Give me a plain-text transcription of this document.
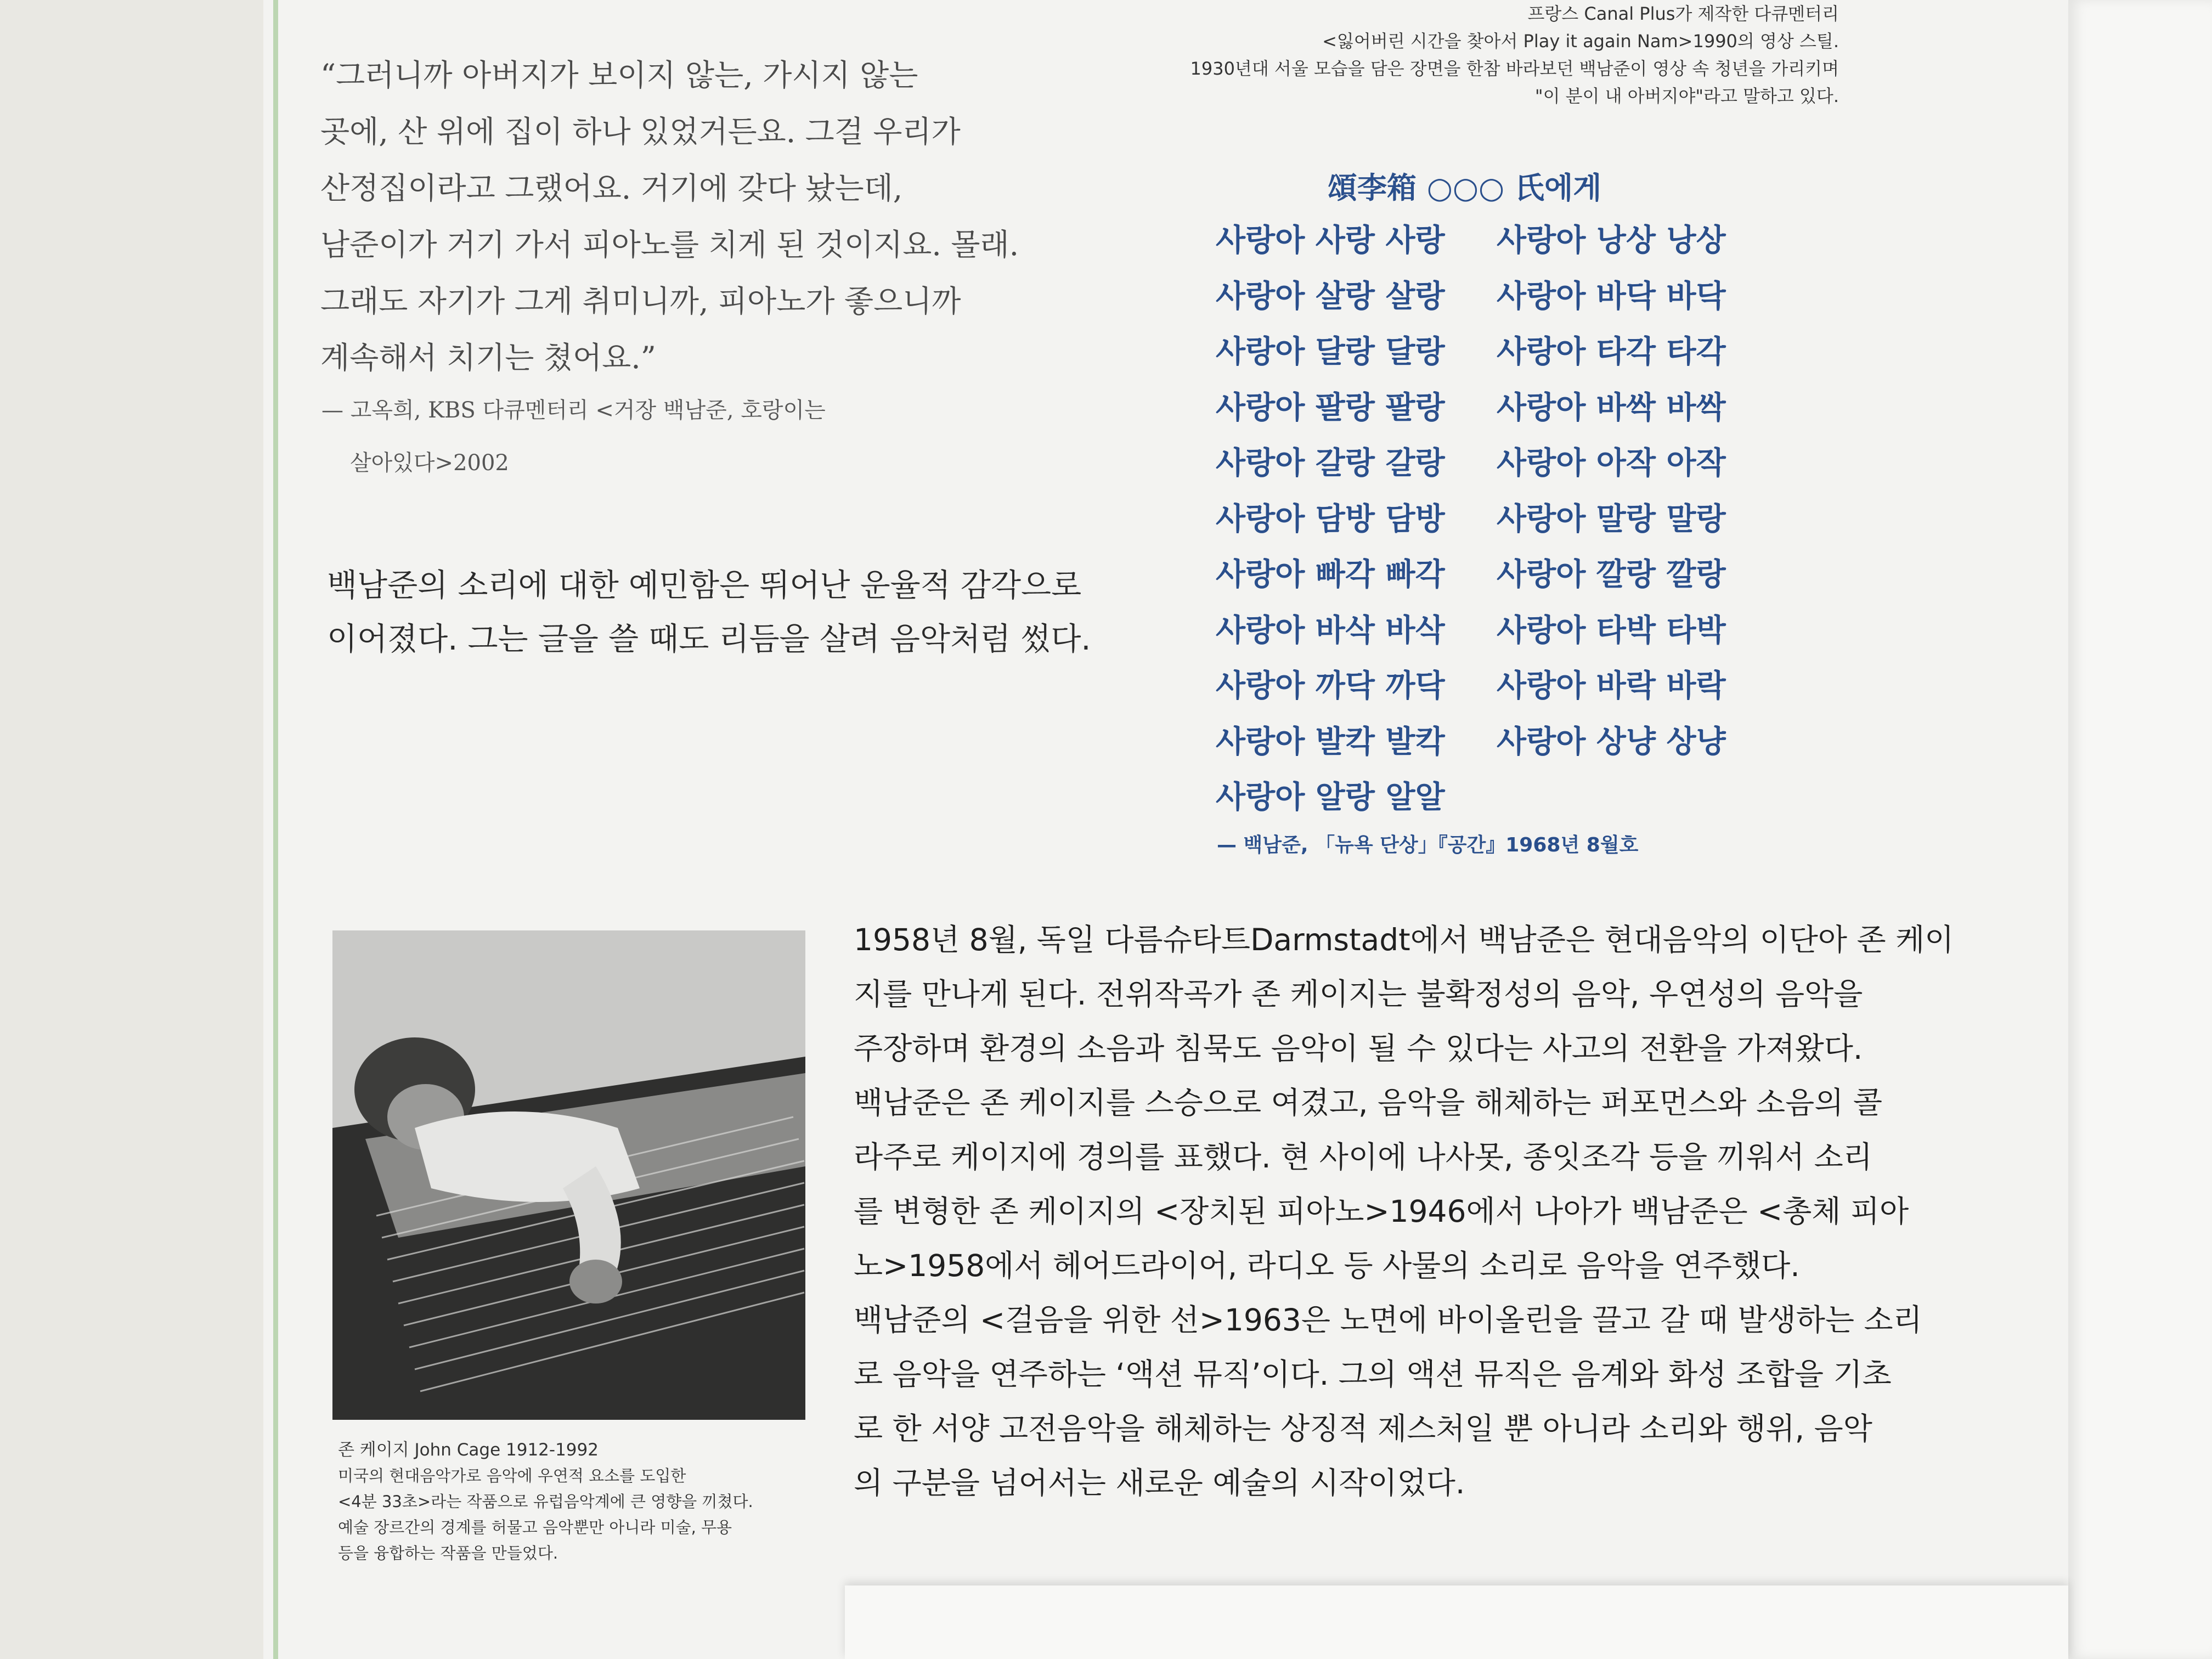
프랑스 Canal Plus가 제작한 다큐멘터리

<잃어버린 시간을 찾아서 Play it again Nam>1990의 영상 스틸.

1930년대 서울 모습을 담은 장면을 한참 바라보던 백남준이 영상 속 청년을 가리키며

"이 분이 내 아버지야"라고 말하고 있다.

“그러니까 아버지가 보이지 않는, 가시지 않는

곳에, 산 위에 집이 하나 있었거든요. 그걸 우리가

산정집이라고 그랬어요. 거기에 갖다 놨는데,

남준이가 거기 가서 피아노를 치게 된 것이지요. 몰래.

그래도 자기가 그게 취미니까, 피아노가 좋으니까

계속해서 치기는 쳤어요.”

— 고옥희, KBS 다큐멘터리 <거장 백남준, 호랑이는

살아있다>2002

백남준의 소리에 대한 예민함은 뛰어난 운율적 감각으로

이어졌다. 그는 글을 쓸 때도 리듬을 살려 음악처럼 썼다.

頌李箱 ○○○ 氏에게
사랑아 사랑 사랑	사랑아 낭상 낭상
사랑아 살랑 살랑	사랑아 바닥 바닥
사랑아 달랑 달랑	사랑아 타각 타각
사랑아 팔랑 팔랑	사랑아 바싹 바싹
사랑아 갈랑 갈랑	사랑아 아작 아작
사랑아 담방 담방	사랑아 말랑 말랑
사랑아 빠각 빠각	사랑아 깔랑 깔랑
사랑아 바삭 바삭	사랑아 타박 타박
사랑아 까닥 까닥	사랑아 바락 바락
사랑아 발칵 발칵	사랑아 상냥 상냥
사랑아 알랑 알알
— 백남준, 「뉴욕 단상」『공간』1968년 8월호

존 케이지 John Cage 1912-1992

미국의 현대음악가로 음악에 우연적 요소를 도입한

<4분 33초>라는 작품으로 유럽음악계에 큰 영향을 끼쳤다.

예술 장르간의 경계를 허물고 음악뿐만 아니라 미술, 무용

등을 융합하는 작품을 만들었다.

1958년 8월, 독일 다름슈타트Darmstadt에서 백남준은 현대음악의 이단아 존 케이

지를 만나게 된다. 전위작곡가 존 케이지는 불확정성의 음악, 우연성의 음악을

주장하며 환경의 소음과 침묵도 음악이 될 수 있다는 사고의 전환을 가져왔다.

백남준은 존 케이지를 스승으로 여겼고, 음악을 해체하는 퍼포먼스와 소음의 콜

라주로 케이지에 경의를 표했다. 현 사이에 나사못, 종잇조각 등을 끼워서 소리

를 변형한 존 케이지의 <장치된 피아노>1946에서 나아가 백남준은 <총체 피아

노>1958에서 헤어드라이어, 라디오 등 사물의 소리로 음악을 연주했다.

백남준의 <걸음을 위한 선>1963은 노면에 바이올린을 끌고 갈 때 발생하는 소리

로 음악을 연주하는 ‘액션 뮤직’이다. 그의 액션 뮤직은 음계와 화성 조합을 기초

로 한 서양 고전음악을 해체하는 상징적 제스처일 뿐 아니라 소리와 행위, 음악

의 구분을 넘어서는 새로운 예술의 시작이었다.
